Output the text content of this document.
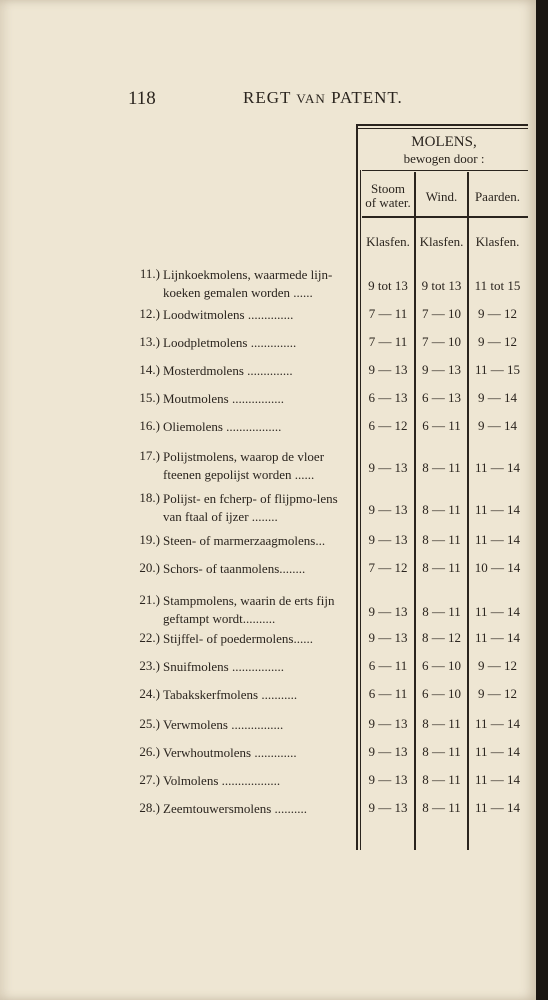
118	REGT VAN PATENT.
MOLENS,
bewogen door :
Stoom
of water.	Wind.	Paarden.
Klasfen. Klasfen. Klasfen.
11.) Lijnkoekmolens, waarmede lijn-koeken gemalen worden ......	9 tot 13	9 tot 13	11 tot 15
12.) Loodwitmolens ..............	7 — 11	7 — 10	9 — 12
13.) Loodpletmolens ..............	7 — 11	7 — 10	9 — 12
14.) Mosterdmolens ..............	9 — 13	9 — 13	11 — 15
15.) Moutmolens ................	6 — 13	6 — 13	9 — 14
16.) Oliemolens .................	6 — 12	6 — 11	9 — 14
17.) Polijstmolens, waarop de vloer fteenen gepolijst worden ......	9 — 13	8 — 11	11 — 14
18.) Polijst- en fcherp- of flijpmo-lens van ftaal of ijzer ........	9 — 13	8 — 11	11 — 14
19.) Steen- of marmerzaagmolens...	9 — 13	8 — 11	11 — 14
20.) Schors- of taanmolens........	7 — 12	8 — 11	10 — 14
21.) Stampmolens, waarin de erts fijn geftampt wordt..........	9 — 13	8 — 11	11 — 14
22.) Stijffel- of poedermolens......	9 — 13	8 — 12	11 — 14
23.) Snuifmolens ................	6 — 11	6 — 10	9 — 12
24.) Tabakskerfmolens ...........	6 — 11	6 — 10	9 — 12
25.) Verwmolens ................	9 — 13	8 — 11	11 — 14
26.) Verwhoutmolens .............	9 — 13	8 — 11	11 — 14
27.) Volmolens ..................	9 — 13	8 — 11	11 — 14
28.) Zeemtouwersmolens ..........	9 — 13	8 — 11	11 — 14
